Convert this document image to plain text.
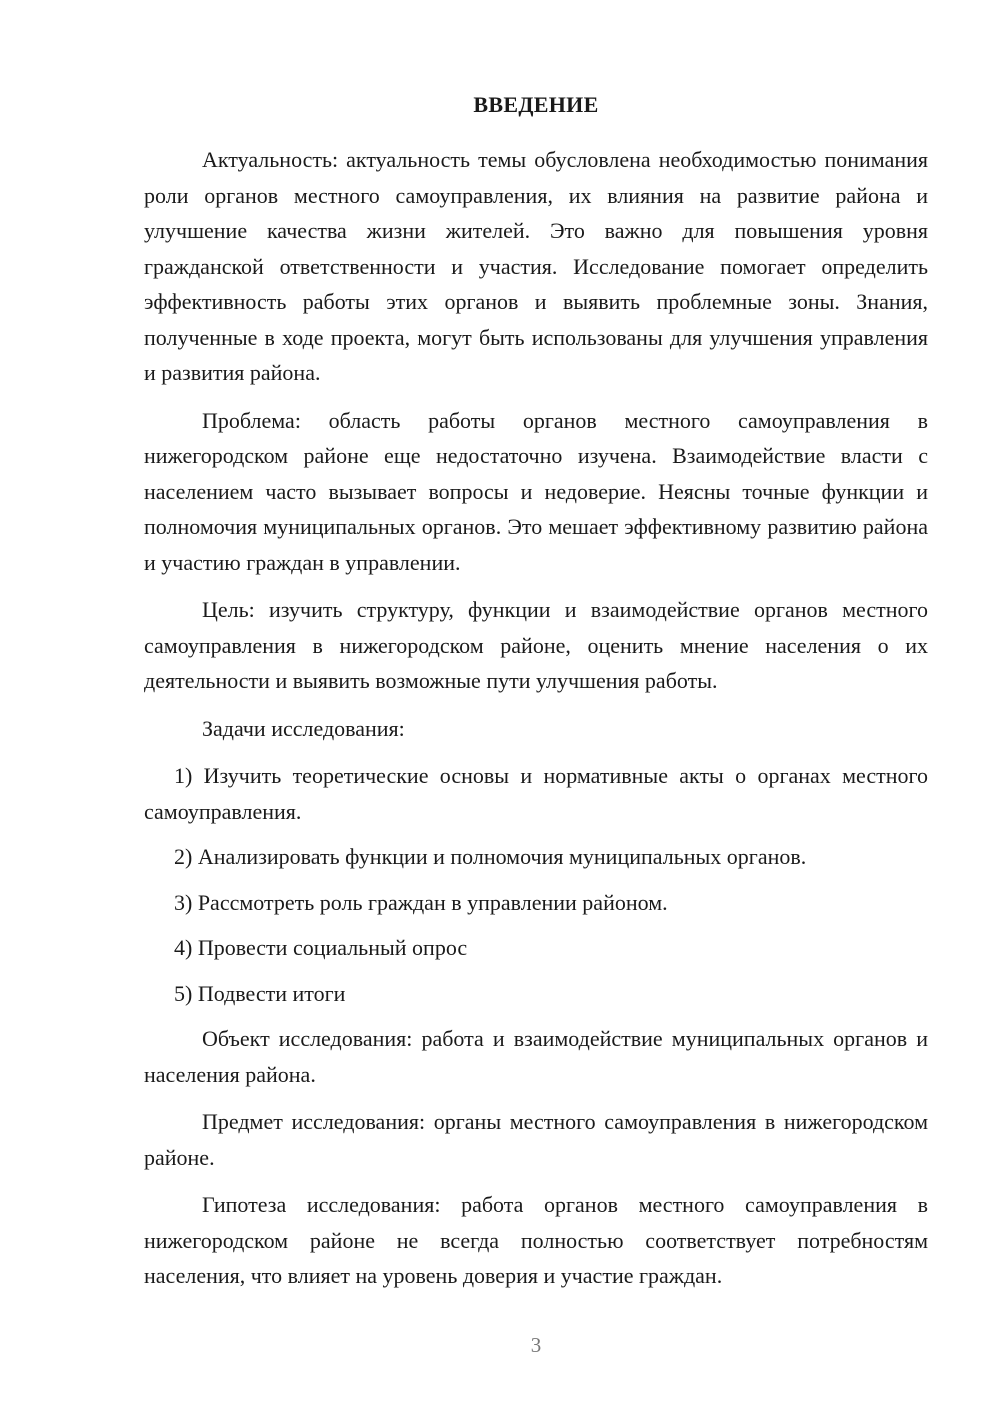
ВВЕДЕНИЕ

Актуальность: актуальность темы обусловлена необходимостью понимания роли органов местного самоуправления, их влияния на развитие района и улучшение качества жизни жителей. Это важно для повышения уровня гражданской ответственности и участия. Исследование помогает определить эффективность работы этих органов и выявить проблемные зоны. Знания, полученные в ходе проекта, могут быть использованы для улучшения управления и развития района.

Проблема: область работы органов местного самоуправления в нижегородском районе еще недостаточно изучена. Взаимодействие власти с населением часто вызывает вопросы и недоверие. Неясны точные функции и полномочия муниципальных органов. Это мешает эффективному развитию района и участию граждан в управлении.

Цель: изучить структуру, функции и взаимодействие органов местного самоуправления в нижегородском районе, оценить мнение населения о их деятельности и выявить возможные пути улучшения работы.

Задачи исследования:

1) Изучить теоретические основы и нормативные акты о органах местного самоуправления.

2) Анализировать функции и полномочия муниципальных органов.

3) Рассмотреть роль граждан в управлении районом.

4) Провести социальный опрос

5) Подвести итоги

Объект исследования: работа и взаимодействие муниципальных органов и населения района.

Предмет исследования: органы местного самоуправления в нижегородском районе.

Гипотеза исследования: работа органов местного самоуправления в нижегородском районе не всегда полностью соответствует потребностям населения, что влияет на уровень доверия и участие граждан.

3
